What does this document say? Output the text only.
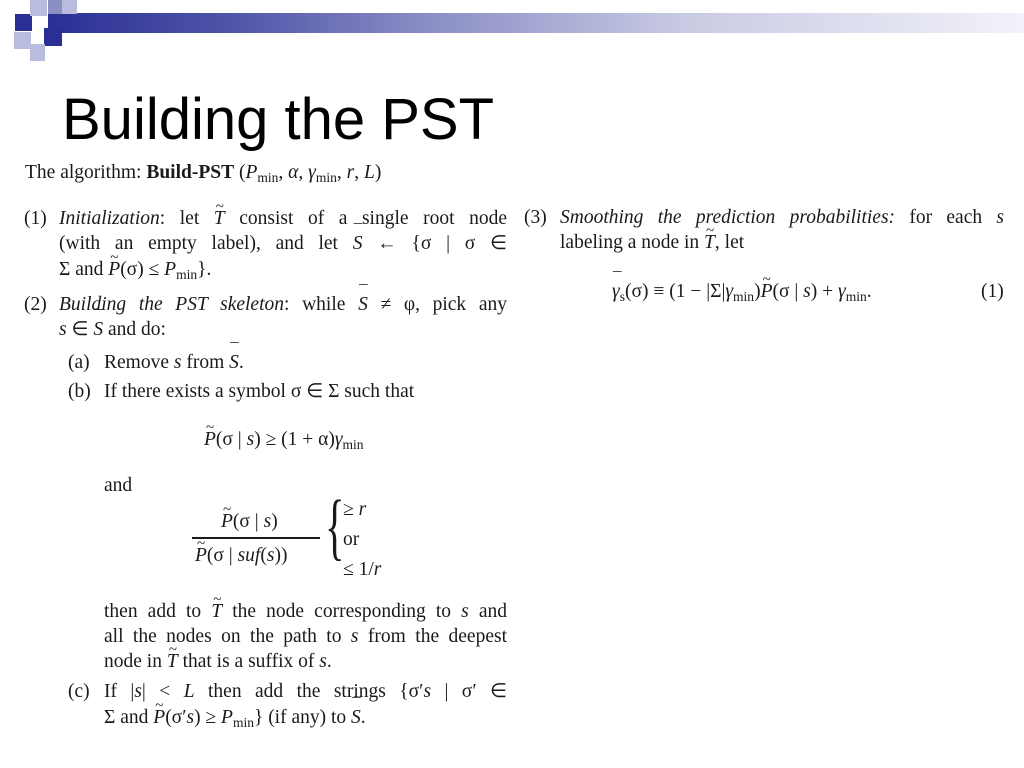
Building the PST
The algorithm: Build-PST ($P_{min}$, α, $\gamma_{min}$, r, L)
(1) Initialization: let ~ T consist of a single root node
(with an empty label), and let ¯ S ← {σ | σ ∈
Σ and ~ $P(\sigma) \le P_{min}$}.
(2) Building the PST skeleton: while ¯ S ≠ φ, pick any
s ∈ ¯ S and do:
(a) Remove s from ¯ S.
(b) If there exists a symbol σ ∈ Σ such that
~ P(σ | $s) \ge (1 + \alpha)\gamma_{min}$
and
~ P(σ | s)
~ P(σ | suf(s)) {
≥ r
or
≤ 1/r
then add to ~ T the node corresponding to s and
all the nodes on the path to s from the deepest
node in ~ T that is a suffix of s.
(c) If |s| < L then add the strings {σ′s | σ′ ∈
Σ and ~ $P(\sigma's) \ge P_{min}$} (if any) to ¯ S.
(3) Smoothing the prediction probabilities: for each s
labeling a node in ~ T, let
¯ $\gamma_s(\sigma) \equiv (1$ − $|\Sigma|\gamma_{min})\sim$ P(σ | $s) + \gamma_{min}$.	(1)
